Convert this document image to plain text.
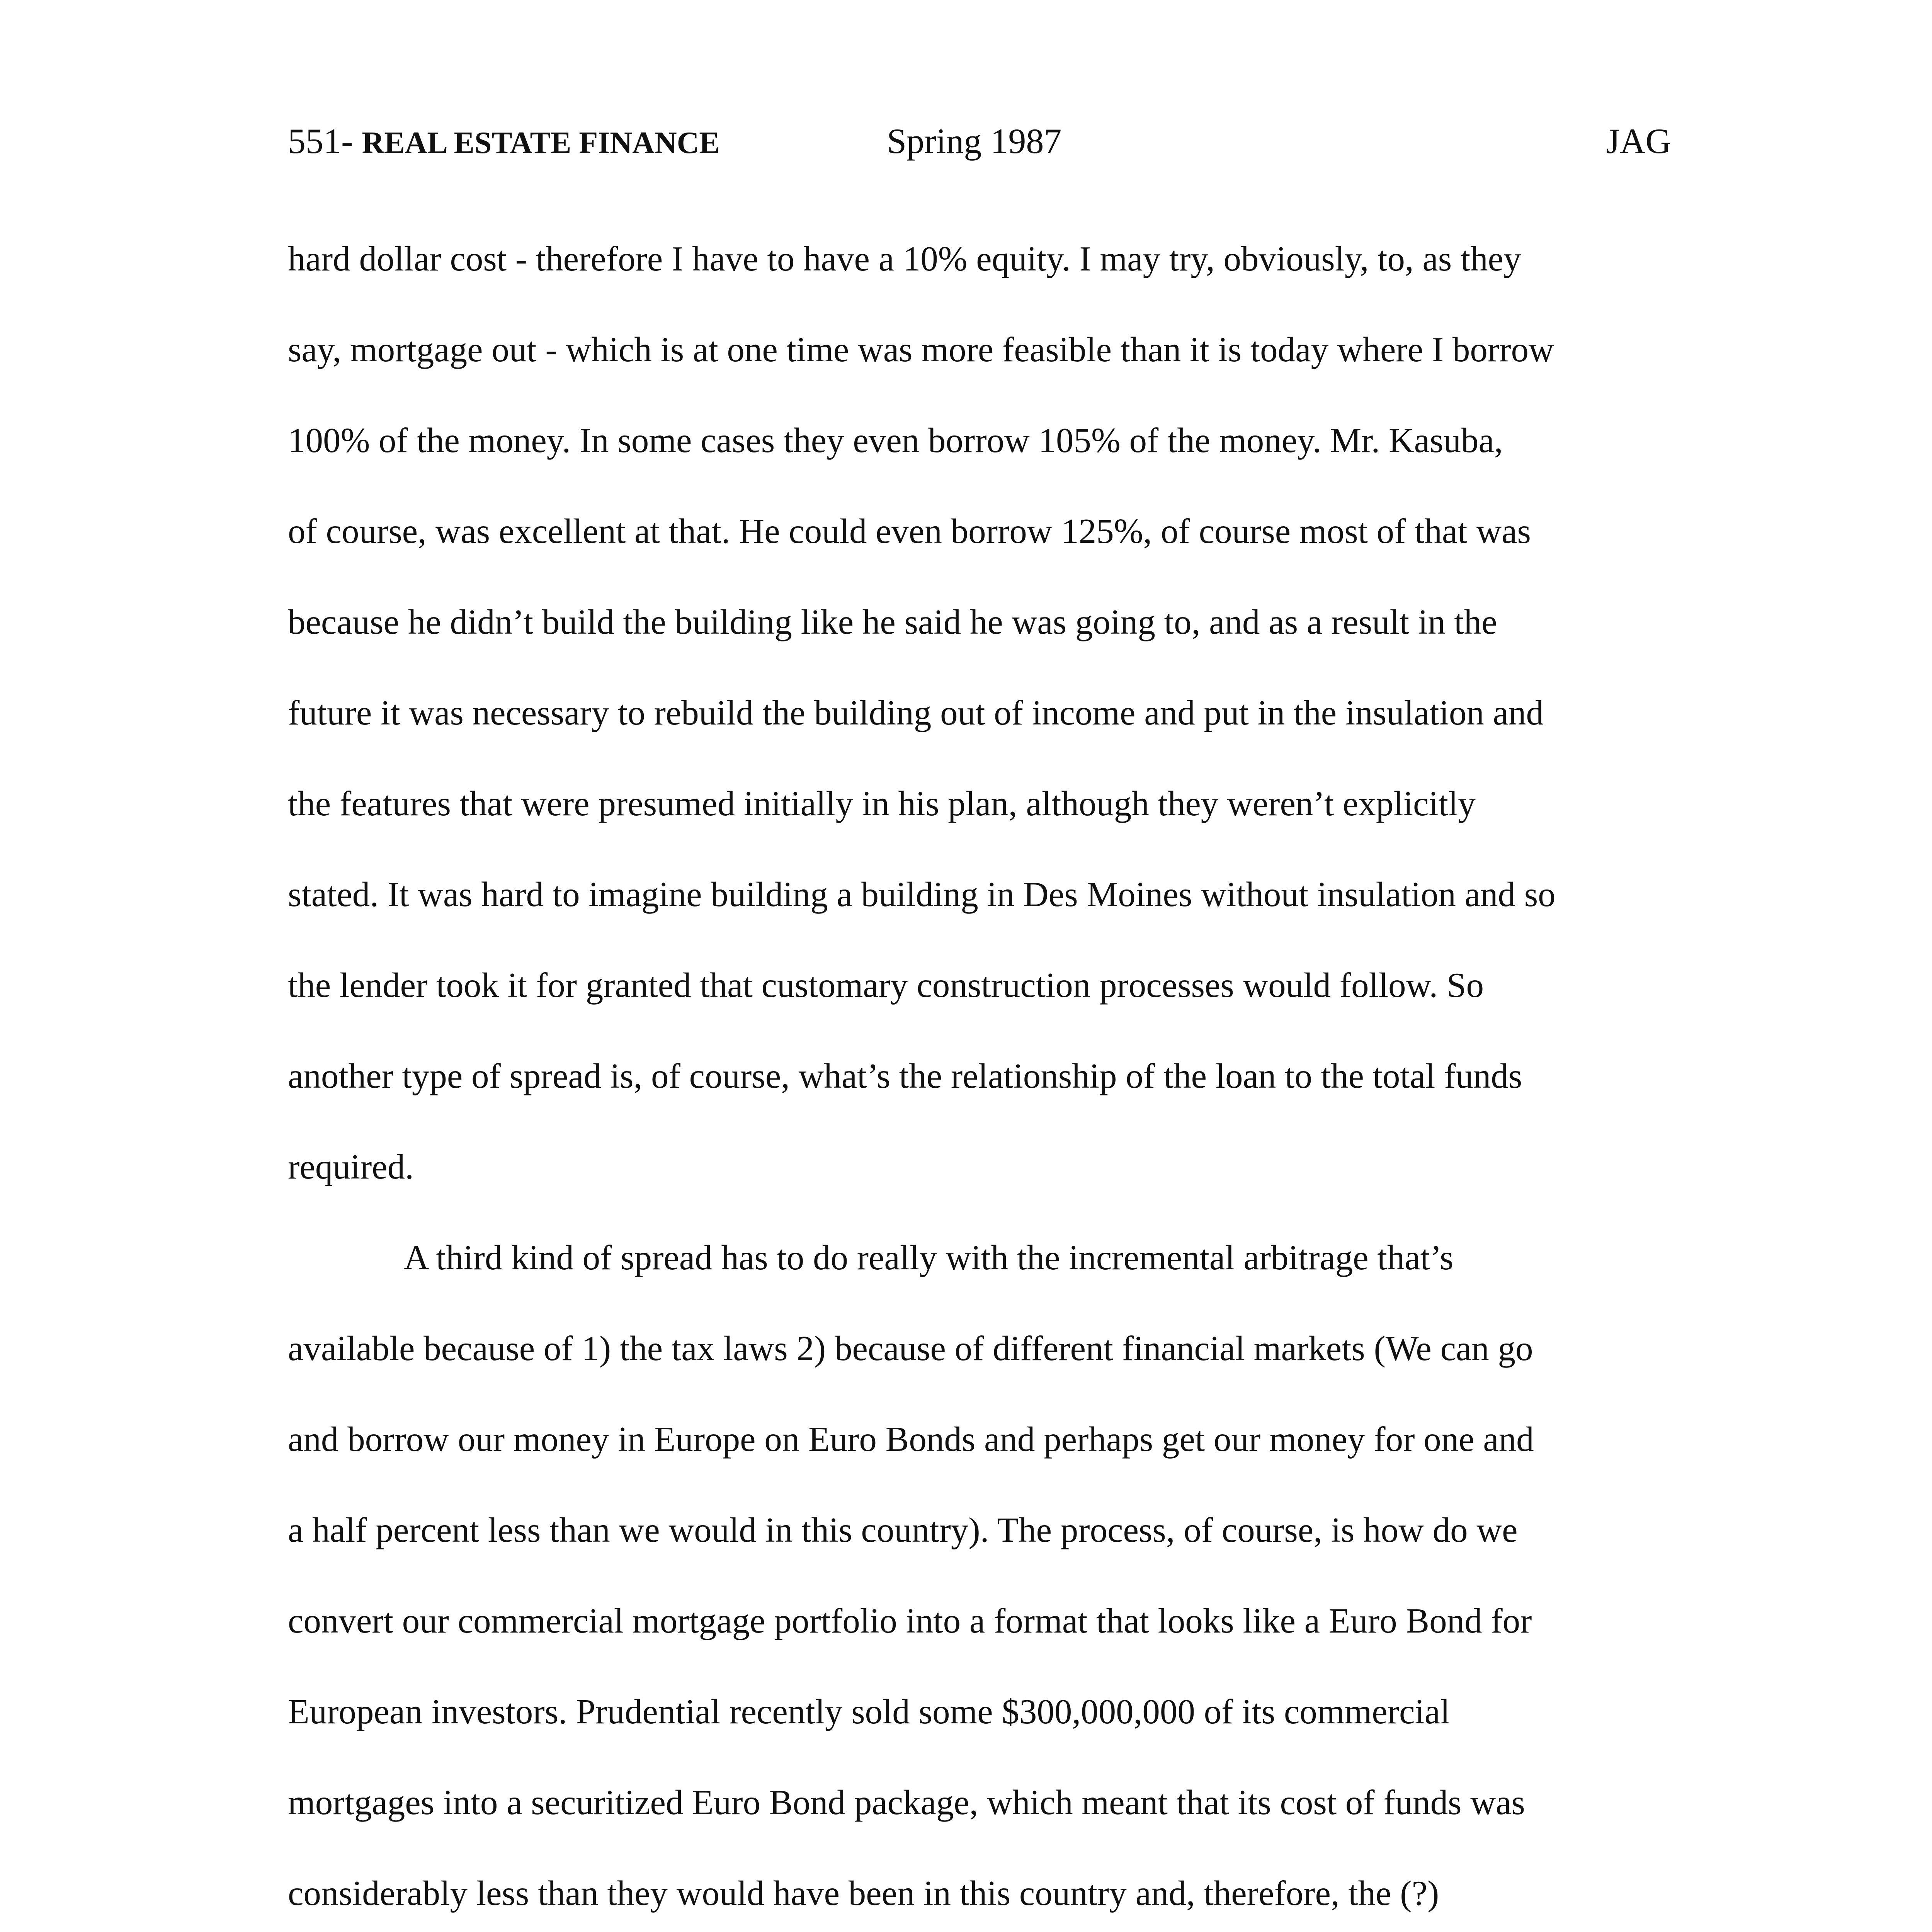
551- REAL ESTATE FINANCE	Spring 1987	JAG
hard dollar cost - therefore I have to have a 10% equity. I may try, obviously, to, as they
say, mortgage out - which is at one time was more feasible than it is today where I borrow
100% of the money. In some cases they even borrow 105% of the money. Mr. Kasuba,
of course, was excellent at that. He could even borrow 125%, of course most of that was
because he didn’t build the building like he said he was going to, and as a result in the
future it was necessary to rebuild the building out of income and put in the insulation and
the features that were presumed initially in his plan, although they weren’t explicitly
stated. It was hard to imagine building a building in Des Moines without insulation and so
the lender took it for granted that customary construction processes would follow. So
another type of spread is, of course, what’s the relationship of the loan to the total funds
required.
A third kind of spread has to do really with the incremental arbitrage that’s
available because of 1) the tax laws 2) because of different financial markets (We can go
and borrow our money in Europe on Euro Bonds and perhaps get our money for one and
a half percent less than we would in this country). The process, of course, is how do we
convert our commercial mortgage portfolio into a format that looks like a Euro Bond for
European investors. Prudential recently sold some $300,000,000 of its commercial
mortgages into a securitized Euro Bond package, which meant that its cost of funds was
considerably less than they would have been in this country and, therefore, the (?)
